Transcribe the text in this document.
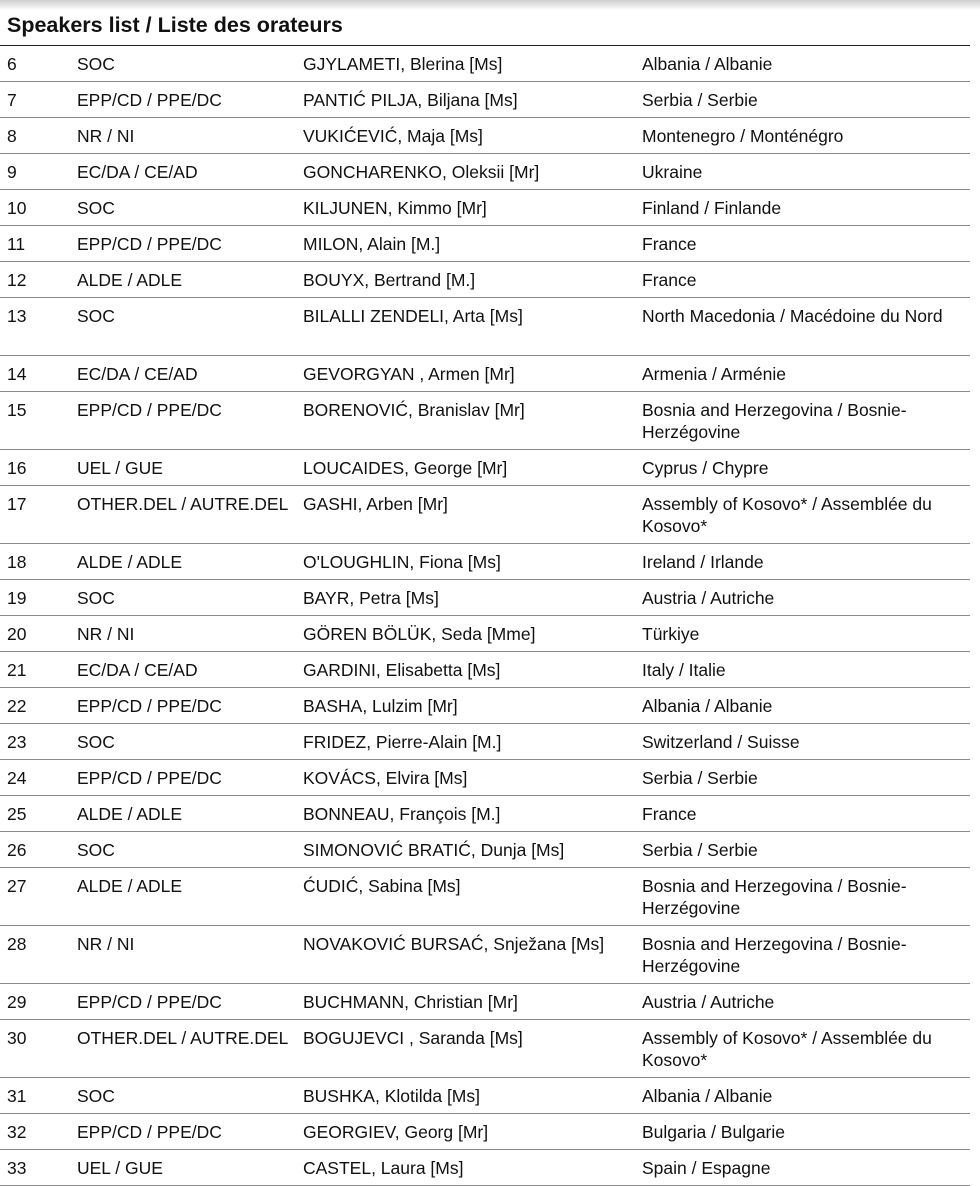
Speakers list / Liste des orateurs
6	SOC	GJYLAMETI, Blerina [Ms]	Albania / Albanie
7	EPP/CD / PPE/DC	PANTIĆ PILJA, Biljana [Ms]	Serbia / Serbie
8	NR / NI	VUKIĆEVIĆ, Maja [Ms]	Montenegro / Monténégro
9	EC/DA / CE/AD	GONCHARENKO, Oleksii [Mr]	Ukraine
10	SOC	KILJUNEN, Kimmo [Mr]	Finland / Finlande
11	EPP/CD / PPE/DC	MILON, Alain [M.]	France
12	ALDE / ADLE	BOUYX, Bertrand [M.]	France
13	SOC	BILALLI ZENDELI, Arta [Ms]	North Macedonia / Macédoine du Nord
14	EC/DA / CE/AD	GEVORGYAN , Armen [Mr]	Armenia / Arménie
15	EPP/CD / PPE/DC	BORENOVIĆ, Branislav [Mr]	Bosnia and Herzegovina / Bosnie-Herzégovine
16	UEL / GUE	LOUCAIDES, George [Mr]	Cyprus / Chypre
17	OTHER.DEL / AUTRE.DEL	GASHI, Arben [Mr]	Assembly of Kosovo* / Assemblée du Kosovo*
18	ALDE / ADLE	O'LOUGHLIN, Fiona [Ms]	Ireland / Irlande
19	SOC	BAYR, Petra [Ms]	Austria / Autriche
20	NR / NI	GÖREN BÖLÜK, Seda [Mme]	Türkiye
21	EC/DA / CE/AD	GARDINI, Elisabetta [Ms]	Italy / Italie
22	EPP/CD / PPE/DC	BASHA, Lulzim [Mr]	Albania / Albanie
23	SOC	FRIDEZ, Pierre-Alain [M.]	Switzerland / Suisse
24	EPP/CD / PPE/DC	KOVÁCS, Elvira [Ms]	Serbia / Serbie
25	ALDE / ADLE	BONNEAU, François [M.]	France
26	SOC	SIMONOVIĆ BRATIĆ, Dunja [Ms]	Serbia / Serbie
27	ALDE / ADLE	ĆUDIĆ, Sabina [Ms]	Bosnia and Herzegovina / Bosnie-Herzégovine
28	NR / NI	NOVAKOVIĆ BURSAĆ, Snježana [Ms]	Bosnia and Herzegovina / Bosnie-Herzégovine
29	EPP/CD / PPE/DC	BUCHMANN, Christian [Mr]	Austria / Autriche
30	OTHER.DEL / AUTRE.DEL	BOGUJEVCI , Saranda [Ms]	Assembly of Kosovo* / Assemblée du Kosovo*
31	SOC	BUSHKA, Klotilda [Ms]	Albania / Albanie
32	EPP/CD / PPE/DC	GEORGIEV, Georg [Mr]	Bulgaria / Bulgarie
33	UEL / GUE	CASTEL, Laura [Ms]	Spain / Espagne
